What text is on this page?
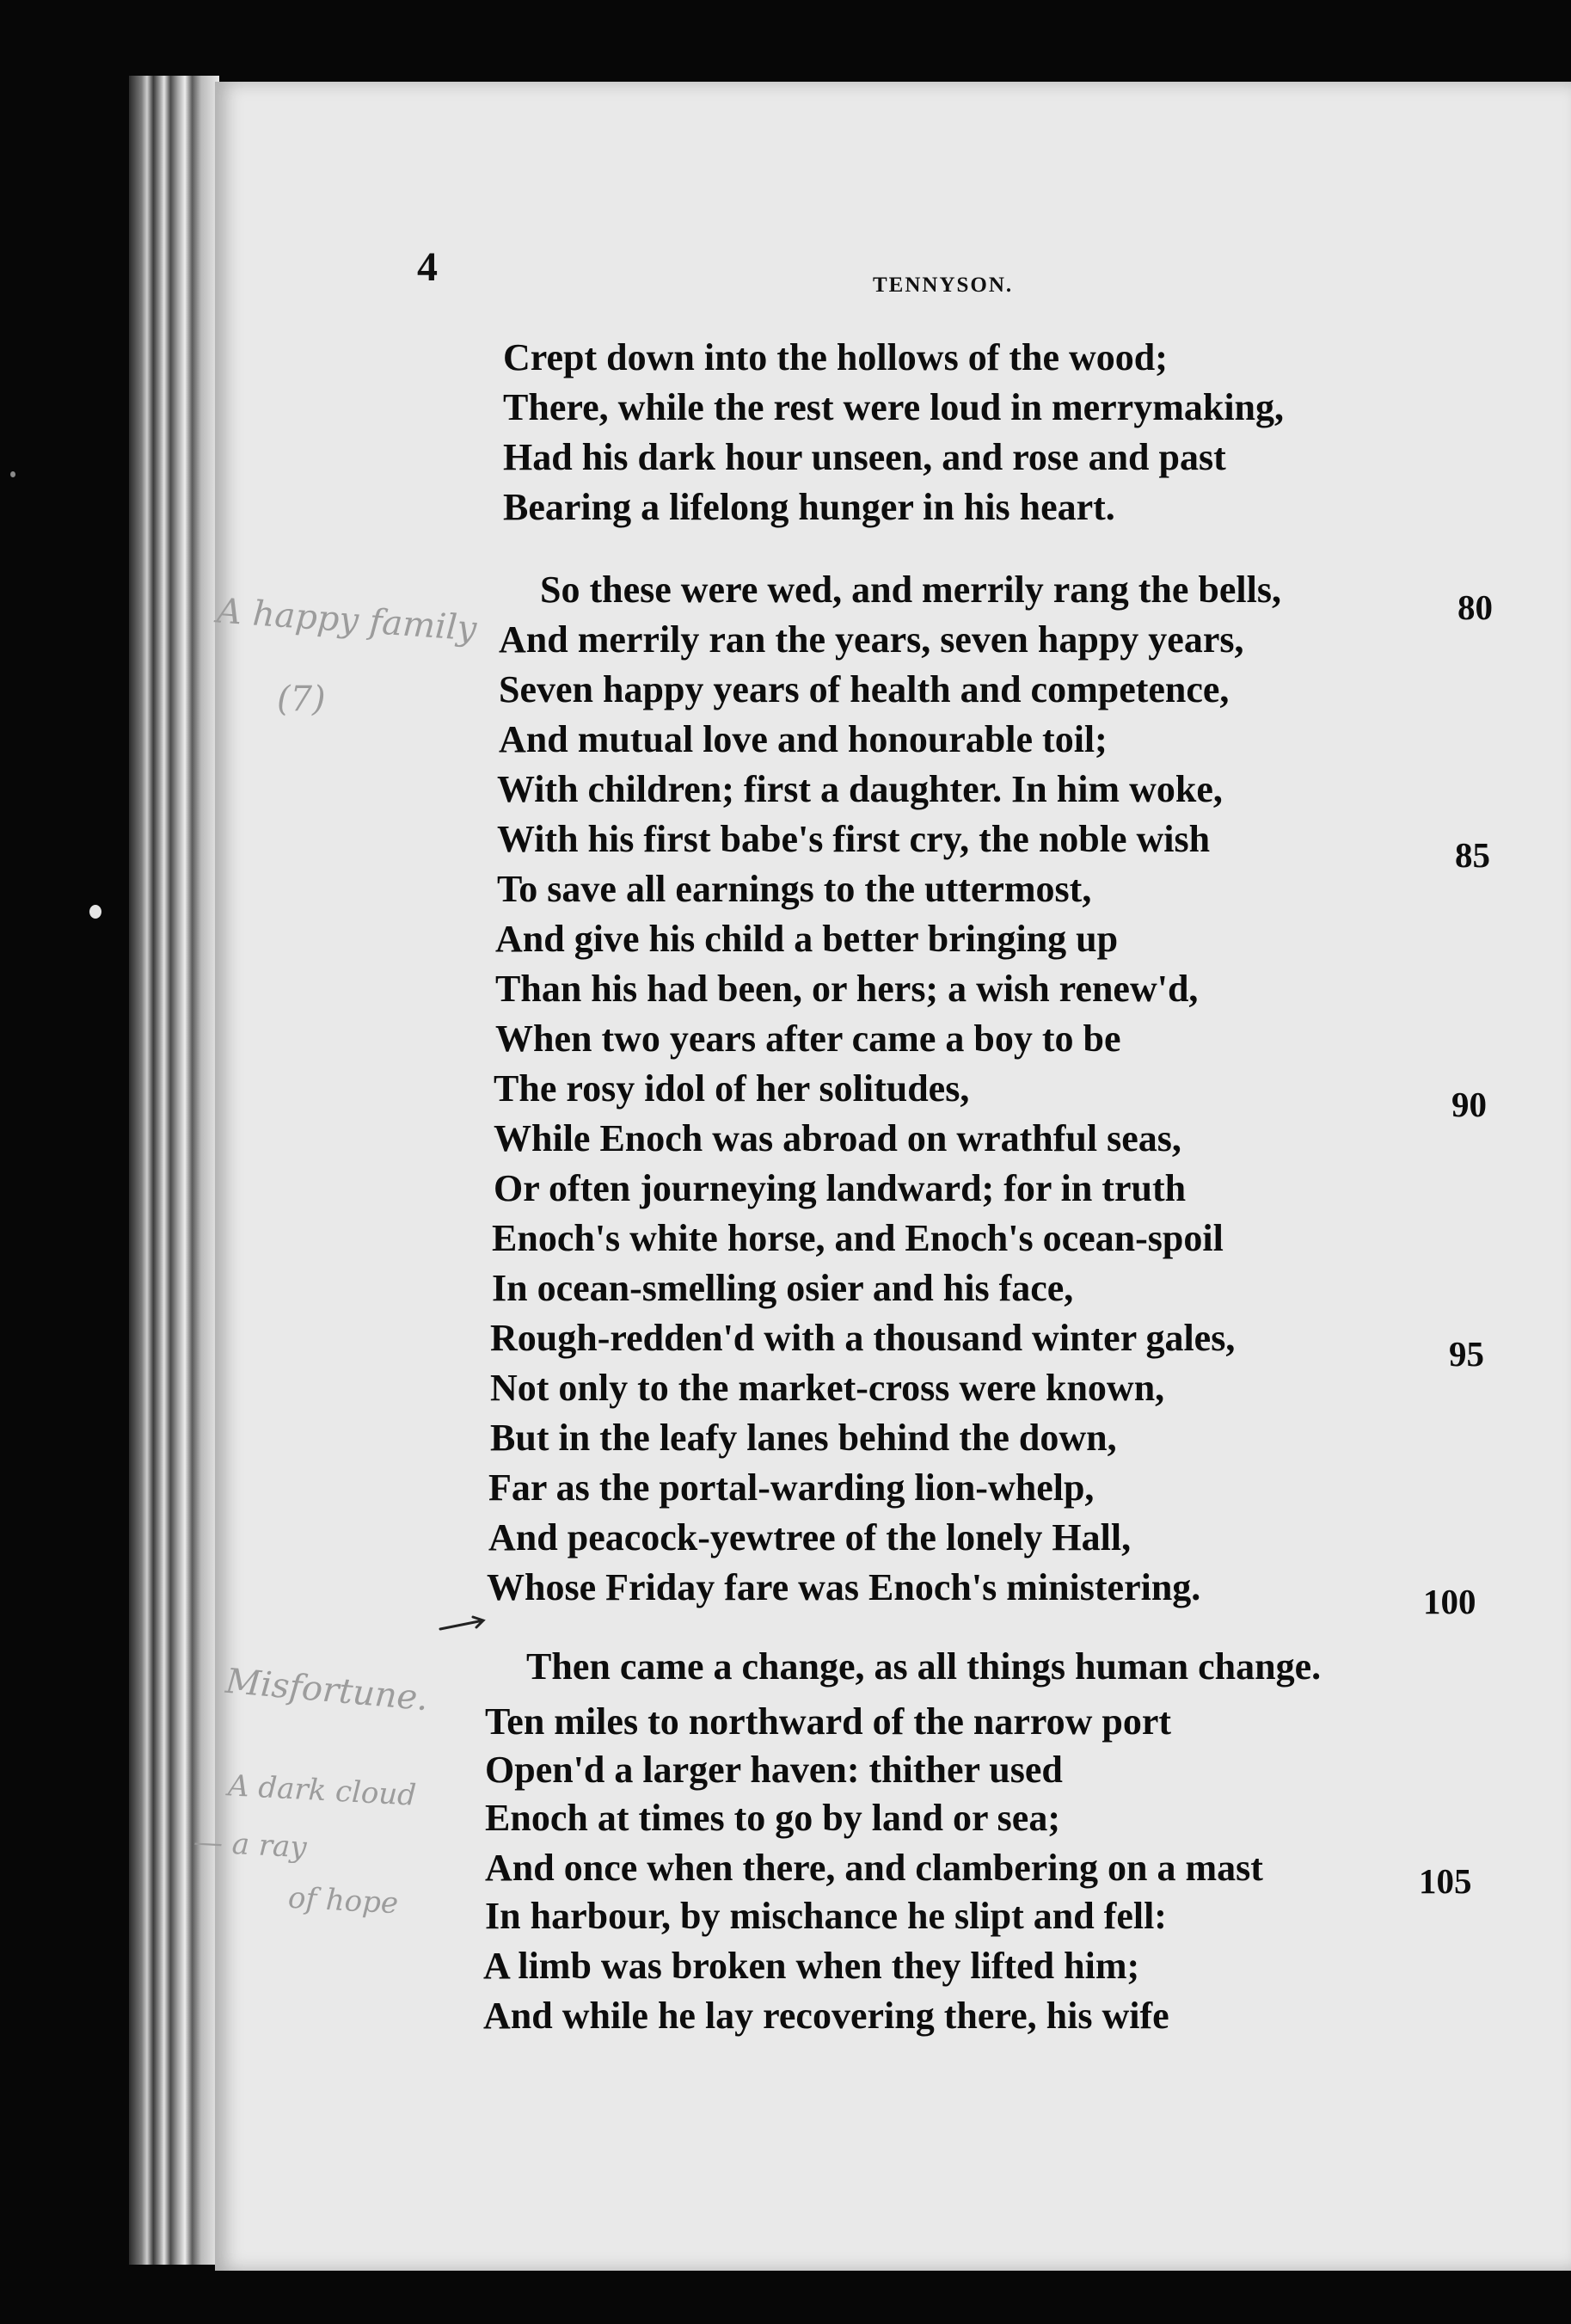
4	TENNYSON.
Crept down into the hollows of the wood;
There, while the rest were loud in merrymaking,
Had his dark hour unseen, and rose and past
Bearing a lifelong hunger in his heart.
So these were wed, and merrily rang the bells,
And merrily ran the years, seven happy years,
Seven happy years of health and competence,
And mutual love and honourable toil;
With children; first a daughter. In him woke,
With his first babe's first cry, the noble wish
To save all earnings to the uttermost,
And give his child a better bringing up
Than his had been, or hers; a wish renew'd,
When two years after came a boy to be
The rosy idol of her solitudes,
While Enoch was abroad on wrathful seas,
Or often journeying landward; for in truth
Enoch's white horse, and Enoch's ocean-spoil
In ocean-smelling osier and his face,
Rough-redden'd with a thousand winter gales,
Not only to the market-cross were known,
But in the leafy lanes behind the down,
Far as the portal-warding lion-whelp,
And peacock-yewtree of the lonely Hall,
Whose Friday fare was Enoch's ministering.
Then came a change, as all things human change.
Ten miles to northward of the narrow port
Open'd a larger haven: thither used
Enoch at times to go by land or sea;
And once when there, and clambering on a mast
In harbour, by mischance he slipt and fell:
A limb was broken when they lifted him;
And while he lay recovering there, his wife
80
85
90
95
100
105
A happy family
(7)
Misfortune.
A dark cloud
— a ray
of hope
